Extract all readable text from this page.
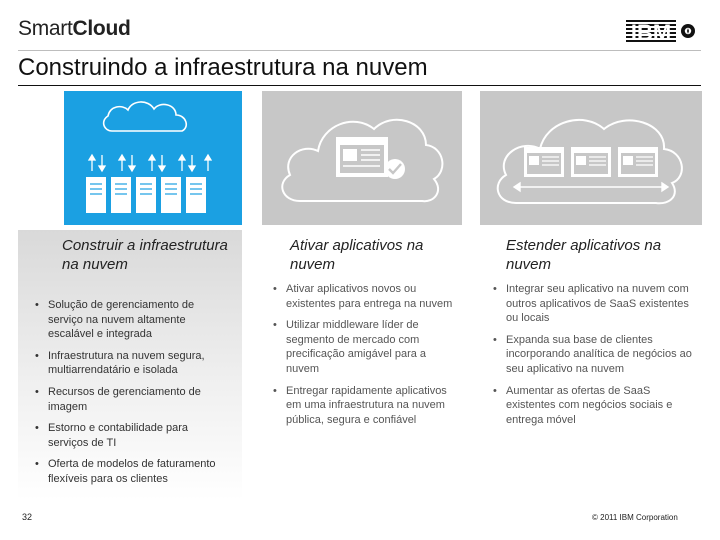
SmartCloud	IBM
Construindo a infraestrutura na nuvem
Construir a infraestrutura na nuvem
Ativar aplicativos na nuvem
Estender aplicativos na nuvem
• Solução de gerenciamento de serviço na nuvem altamente escalável e integrada
• Infraestrutura na nuvem segura, multiarrendatário e isolada
• Recursos de gerenciamento de imagem
• Estorno e contabilidade para serviços de TI
• Oferta de modelos de faturamento flexíveis para os clientes
• Ativar aplicativos novos ou existentes para entrega na nuvem
• Utilizar middleware líder de segmento de mercado com precificação amigável para a nuvem
• Entregar rapidamente aplicativos em uma infraestrutura na nuvem pública, segura e confiável
• Integrar seu aplicativo na nuvem com outros aplicativos de SaaS existentes ou locais
• Expanda sua base de clientes incorporando analítica de negócios ao seu aplicativo na nuvem
• Aumentar as ofertas de SaaS existentes com negócios sociais e entrega móvel
32	© 2011 IBM Corporation
